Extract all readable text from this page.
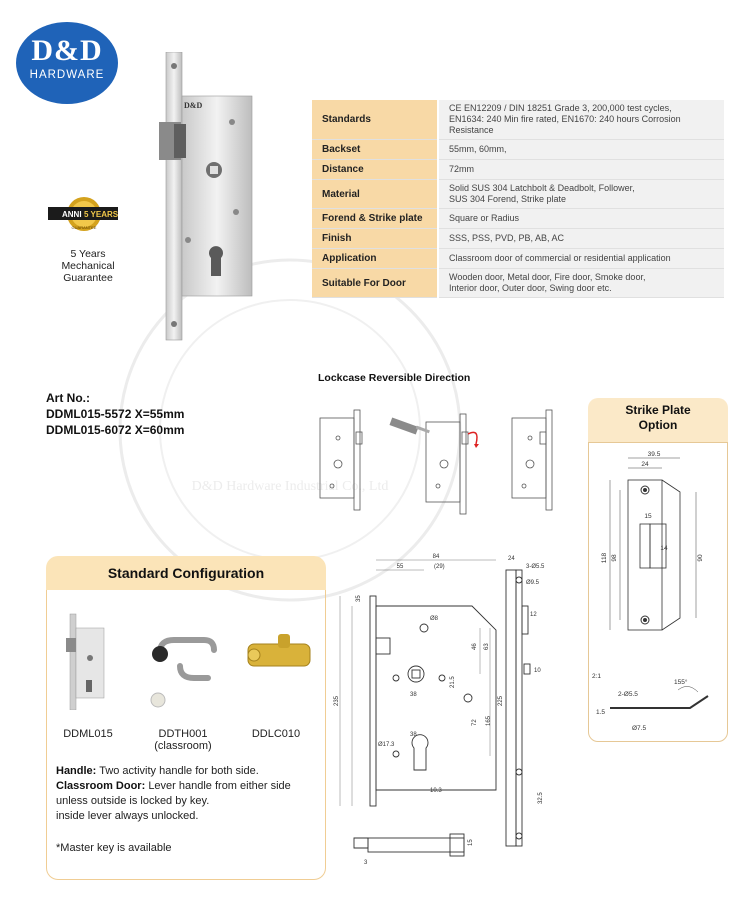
D&D Hardware Industrial Co., Ltd
D&D
HARDWARE
ANNI 5 YEARS
GUARANTEE
5 Years
Mechanical
Guarantee
D&D
Standards	CE EN12209 / DIN 18251 Grade 3, 200,000 test cycles,
EN1634: 240 Min fire rated, EN1670: 240 hours Corrosion Resistance

Backset	55mm, 60mm,

Distance	72mm

Material	Solid SUS 304 Latchbolt & Deadbolt, Follower,
SUS 304 Forend, Strike plate

Forend & Strike plate	Square or Radius

Finish	SSS, PSS, PVD, PB, AB, AC

Application	Classroom door of commercial or residential application

Suitable For Door	Wooden door, Metal door, Fire door, Smoke door,
Interior door, Outer door, Swing door etc.
Art No.:
DDML015-5572 X=55mm
DDML015-6072 X=60mm
Lockcase Reversible Direction
Strike Plate
Option
39.5
24
15
14
118 98	90
2:1
155°
2-Ø5.5
1.5
Ø7.5
Standard Configuration
DDML015	DDTH001
(classroom)
DDLC010
Handle: Two activity handle for both side.
Classroom Door: Lever handle from either side
unless outside is locked by key.
inside lever always unlocked.
*Master key is available
84
55	(29)
24
3-Ø5.5
Ø9.5
Ø8
35
63
46
21.5
72 165
235	225
38
38
Ø17.3
10.3
32.5
12
10
15
3
